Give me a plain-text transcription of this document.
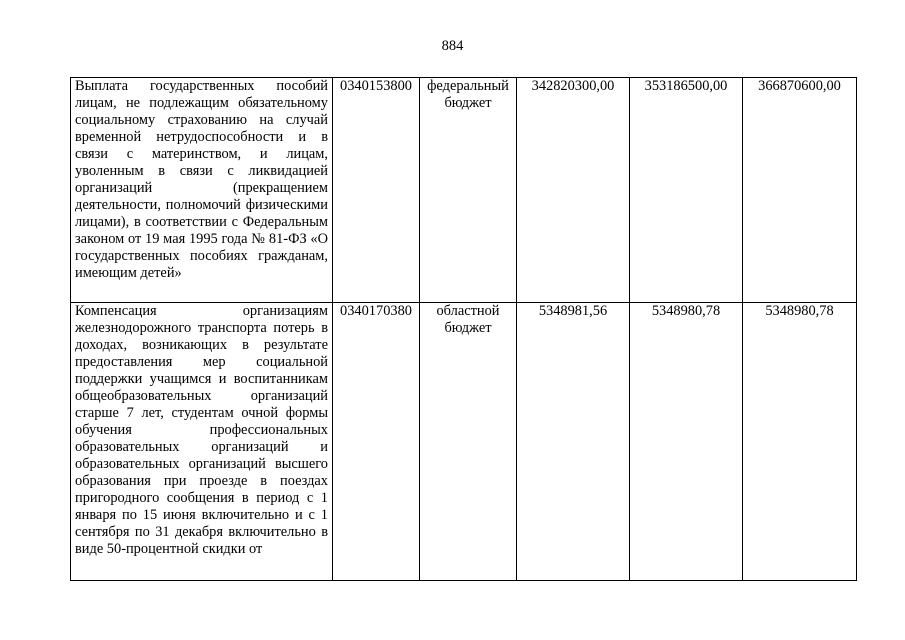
884
Выплата государственных пособий лицам, не подлежащим обязательному социальному страхованию на случай временной нетрудоспособности и в связи с материнством, и лицам, уволенным в связи с ликвидацией организаций (прекращением деятельности, полномочий физическими лицами), в соответствии с Федеральным законом от 19 мая 1995 года № 81-ФЗ «О государственных пособиях гражданам, имеющим детей»	0340153800	федеральный бюджет	342820300,00	353186500,00	366870600,00
Компенсация организациям железнодорожного транспорта потерь в доходах, возникающих в результате предоставления мер социальной поддержки учащимся и воспитанникам общеобразовательных организаций старше 7 лет, студентам очной формы обучения профессиональных образовательных организаций и образовательных организаций высшего образования при проезде в поездах пригородного сообщения в период с 1 января по 15 июня включительно и с 1 сентября по 31 декабря включительно в виде 50-процентной скидки от	0340170380	областной бюджет	5348981,56	5348980,78	5348980,78
